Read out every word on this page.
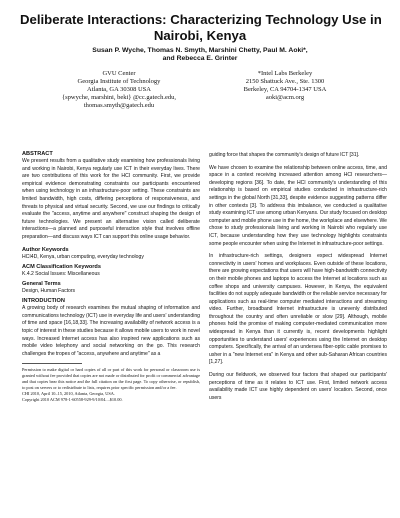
Deliberate Interactions: Characterizing Technology Use in
Nairobi, Kenya
Susan P. Wyche, Thomas N. Smyth, Marshini Chetty, Paul M. Aoki*,
and Rebecca E. Grinter
GVU Center
Georgia Institute of Technology
Atlanta, GA 30308 USA
{spwyche, marshini, beki} @cc.gatech.edu,
thomas.smyth@gatech.edu
*Intel Labs Berkeley
2150 Shattuck Ave., Ste. 1300
Berkeley, CA 94704-1347 USA
aoki@acm.org
ABSTRACT

We present results from a qualitative study examining how professionals living and working in Nairobi, Kenya regularly use ICT in their everyday lives. There are two contributions of this work for the HCI community. First, we provide empirical evidence demonstrating constraints our participants encountered when using technology in an infrastructure-poor setting. These constraints are limited bandwidth, high costs, differing perceptions of responsiveness, and threats to physical and virtual security. Second, we use our findings to critically evaluate the "access, anytime and anywhere" construct shaping the design of future technologies. We present an alternative vision called deliberate interactions—a planned and purposeful interaction style that involves offline preparation—and discuss ways ICT can support this online usage behavior.

Author Keywords

HCI4D, Kenya, urban computing, everyday technology

ACM Classification Keywords

K.4.2 Social Issues: Miscellaneous

General Terms

Design, Human Factors

INTRODUCTION

A growing body of research examines the mutual shaping of information and communications technology (ICT) use in everyday life and users' understanding of time and space [16,18,33]. The increasing availability of network access is a topic of interest in these studies because it allows mobile users to work in novel ways. Increased Internet access has also inspired new applications such as mobile video telephony and social networking on the go. This research challenges the tropes of "access, anywhere and anytime" as a

Permission to make digital or hard copies of all or part of this work for personal or classroom use is granted without fee provided that copies are not made or distributed for profit or commercial advantage and that copies bear this notice and the full citation on the first page. To copy otherwise, or republish, to post on servers or to redistribute to lists, requires prior specific permission and/or a fee.

CHI 2010, April 10–15, 2010, Atlanta, Georgia, USA.

Copyright 2010 ACM 978-1-60558-929-9/10/04....$10.00.

guiding force that shapes the community's design of future ICT [31].

We have chosen to examine the relationship between online access, time, and space in a context receiving increased attention among HCI researchers—developing regions [36]. To date, the HCI community's understanding of this relationship is based on empirical studies conducted in infrastructure-rich settings in the global North [31,33], despite evidence suggesting patterns differ in other contexts [3]. To address this imbalance, we conducted a qualitative study examining ICT use among urban Kenyans. Our study focused on desktop computer and mobile phone use in the home, the workplace and elsewhere. We chose to study professionals living and working in Nairobi who regularly use ICT, because understanding how they use technology highlights constraints some people encounter when using the Internet in infrastructure-poor settings.

In infrastructure-rich settings, designers expect widespread Internet connectivity in users' homes and workplaces. Even outside of these locations, there are growing expectations that users will have high-bandwidth connectivity on their mobile phones and laptops to access the Internet at locations such as coffee shops and university campuses. However, in Kenya, the equivalent facilities do not supply adequate bandwidth or the reliable service necessary for applications such as real-time computer mediated interactions and streaming video. Further, broadband Internet infrastructure is unevenly distributed throughout the country and often unreliable or slow [29]. Although, mobile phones hold the promise of making computer-mediated communication more widespread in Kenya than it currently is, recent developments highlight opportunities to understand users' experiences using the Internet on desktop computers. Specifically, the arrival of an undersea fiber-optic cable promises to usher in a "new Internet era" in Kenya and other sub-Saharan African countries [1,27].

During our fieldwork, we observed four factors that shaped our participants' perceptions of time as it relates to ICT use. First, limited network access availability made ICT use highly dependent on users' location. Second, once users
